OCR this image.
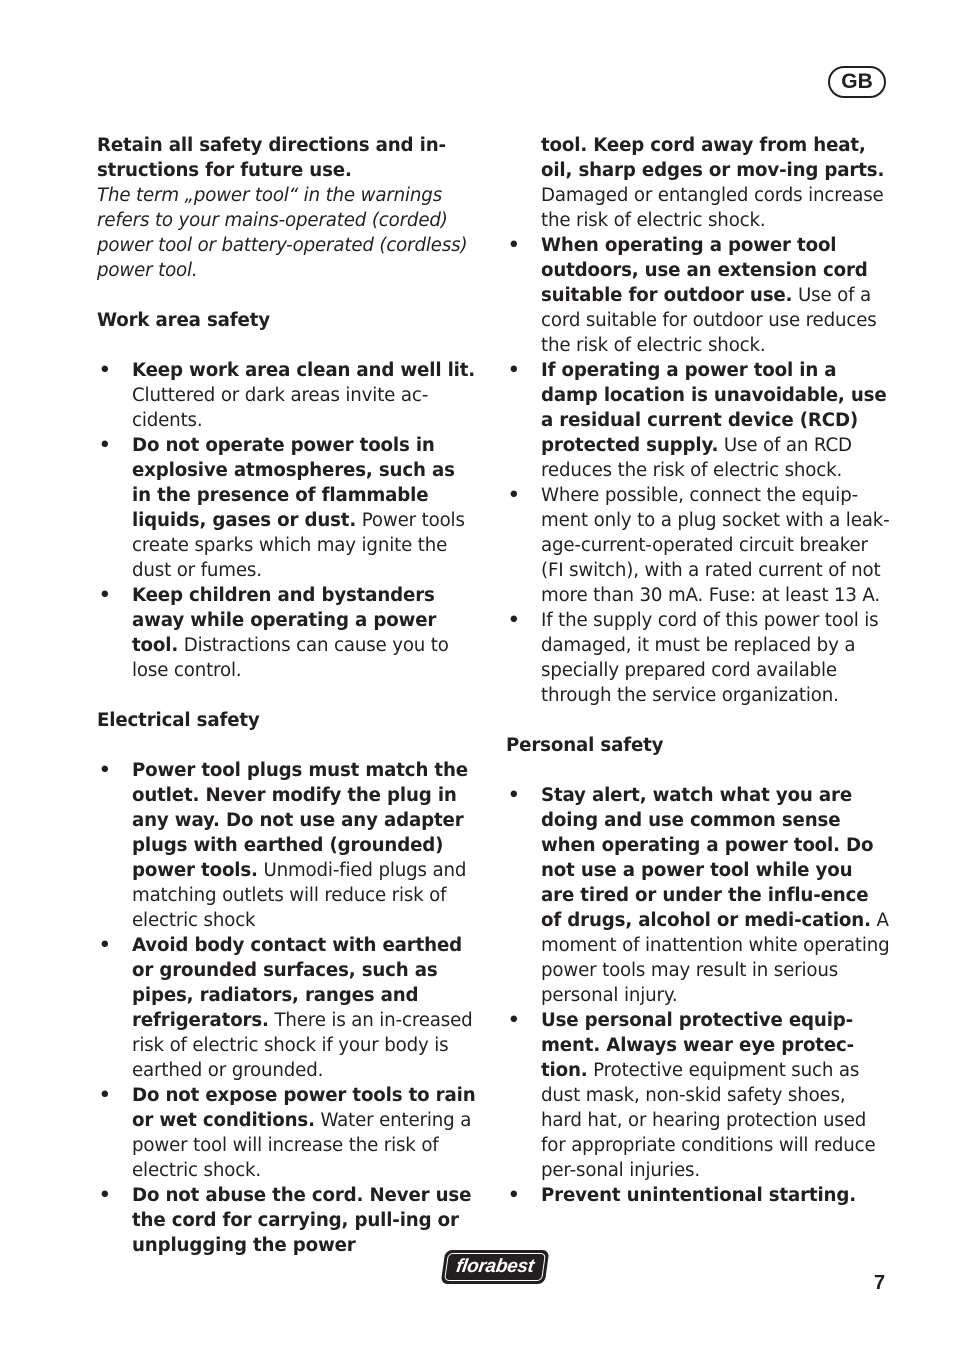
GB

Retain all safety directions and in-structions for future use.

The term „power tool“ in the warnings refers to your mains-operated (corded) power tool or battery-operated (cordless) power tool.

Work area safety
• Keep work area clean and well lit. Cluttered or dark areas invite ac-cidents.
• Do not operate power tools in explosive atmospheres, such as in the presence of flammable liquids, gases or dust. Power tools create sparks which may ignite the dust or fumes.
• Keep children and bystanders away while operating a power tool. Distractions can cause you to lose control.
Electrical safety
• Power tool plugs must match the outlet. Never modify the plug in any way. Do not use any adapter plugs with earthed (grounded) power tools. Unmodi-fied plugs and matching outlets will reduce risk of electric shock
• Avoid body contact with earthed or grounded surfaces, such as pipes, radiators, ranges and refrigerators. There is an in-creased risk of electric shock if your body is earthed or grounded.
• Do not expose power tools to rain or wet conditions. Water entering a power tool will increase the risk of electric shock.
• Do not abuse the cord. Never use the cord for carrying, pull-ing or unplugging the power

tool. Keep cord away from heat, oil, sharp edges or mov-ing parts. Damaged or entangled cords increase the risk of electric shock.

• When operating a power tool outdoors, use an extension cord suitable for outdoor use. Use of a cord suitable for outdoor use reduces the risk of electric shock.
• If operating a power tool in a damp location is unavoidable, use a residual current device (RCD) protected supply. Use of an RCD reduces the risk of electric shock.
• Where possible, connect the equip-ment only to a plug socket with a leak-age-current-operated circuit breaker (FI switch), with a rated current of not more than 30 mA. Fuse: at least 13 A.
• If the supply cord of this power tool is damaged, it must be replaced by a specially prepared cord available through the service organization.
Personal safety
• Stay alert, watch what you are doing and use common sense when operating a power tool. Do not use a power tool while you are tired or under the influ-ence of drugs, alcohol or medi-cation. A moment of inattention white operating power tools may result in serious personal injury.
• Use personal protective equip-ment. Always wear eye protec-tion. Protective equipment such as dust mask, non-skid safety shoes, hard hat, or hearing protection used for appropriate conditions will reduce per-sonal injuries.
• Prevent unintentional starting.
florabest
7
